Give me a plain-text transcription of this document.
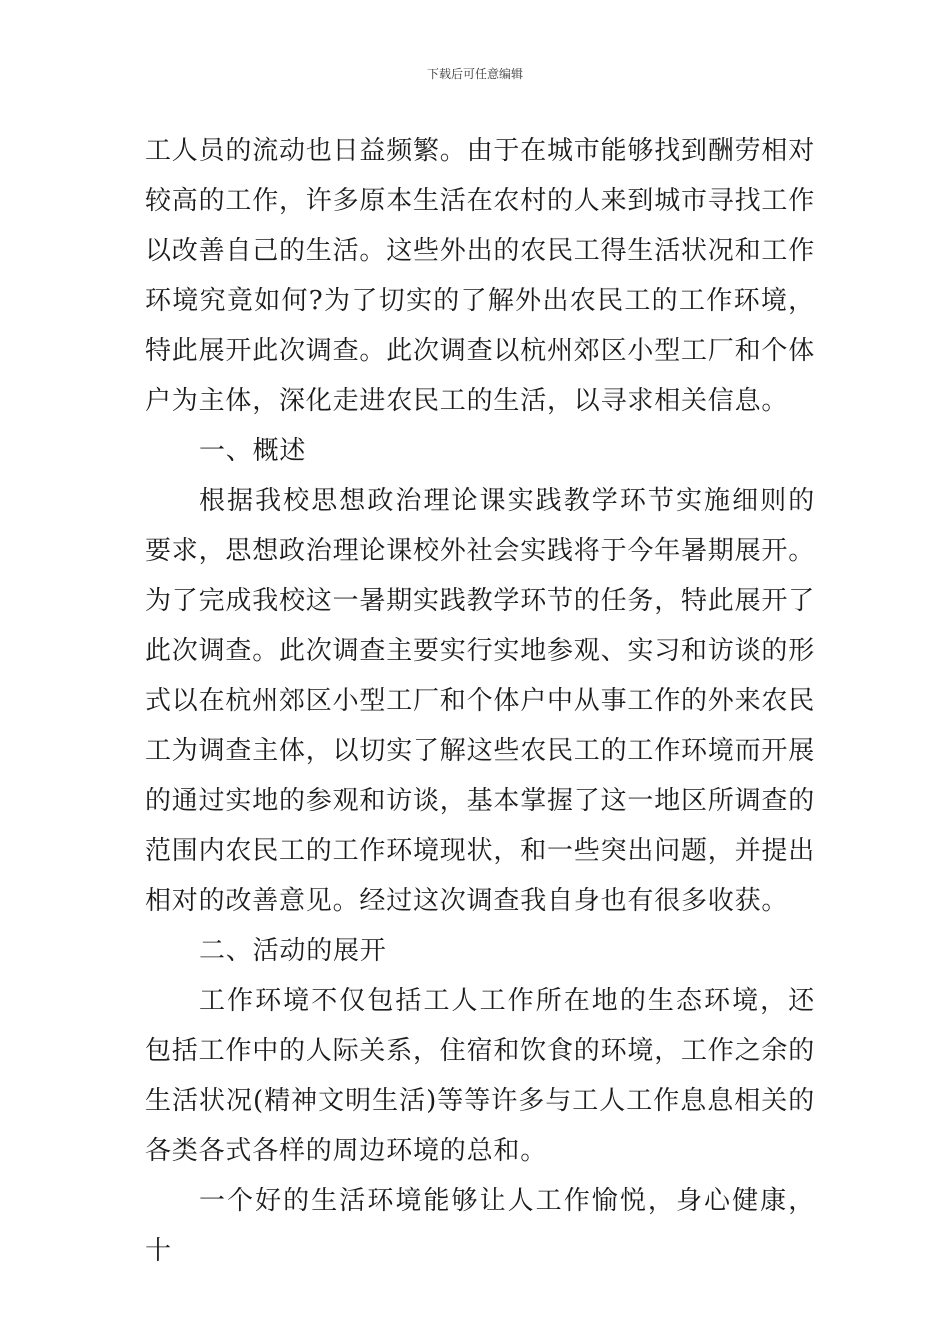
下载后可任意编辑

工人员的流动也日益频繁。由于在城市能够找到酬劳相对较高的工作，许多原本生活在农村的人来到城市寻找工作以改善自己的生活。这些外出的农民工得生活状况和工作环境究竟如何?为了切实的了解外出农民工的工作环境，特此展开此次调查。此次调查以杭州郊区小型工厂和个体户为主体，深化走进农民工的生活，以寻求相关信息。

一、概述

根据我校思想政治理论课实践教学环节实施细则的要求，思想政治理论课校外社会实践将于今年暑期展开。为了完成我校这一暑期实践教学环节的任务，特此展开了此次调查。此次调查主要实行实地参观、实习和访谈的形式以在杭州郊区小型工厂和个体户中从事工作的外来农民工为调查主体，以切实了解这些农民工的工作环境而开展的通过实地的参观和访谈，基本掌握了这一地区所调查的范围内农民工的工作环境现状，和一些突出问题，并提出相对的改善意见。经过这次调查我自身也有很多收获。

二、活动的展开

工作环境不仅包括工人工作所在地的生态环境，还包括工作中的人际关系，住宿和饮食的环境，工作之余的生活状况(精神文明生活)等等许多与工人工作息息相关的各类各式各样的周边环境的总和。

一个好的生活环境能够让人工作愉悦，身心健康，十
